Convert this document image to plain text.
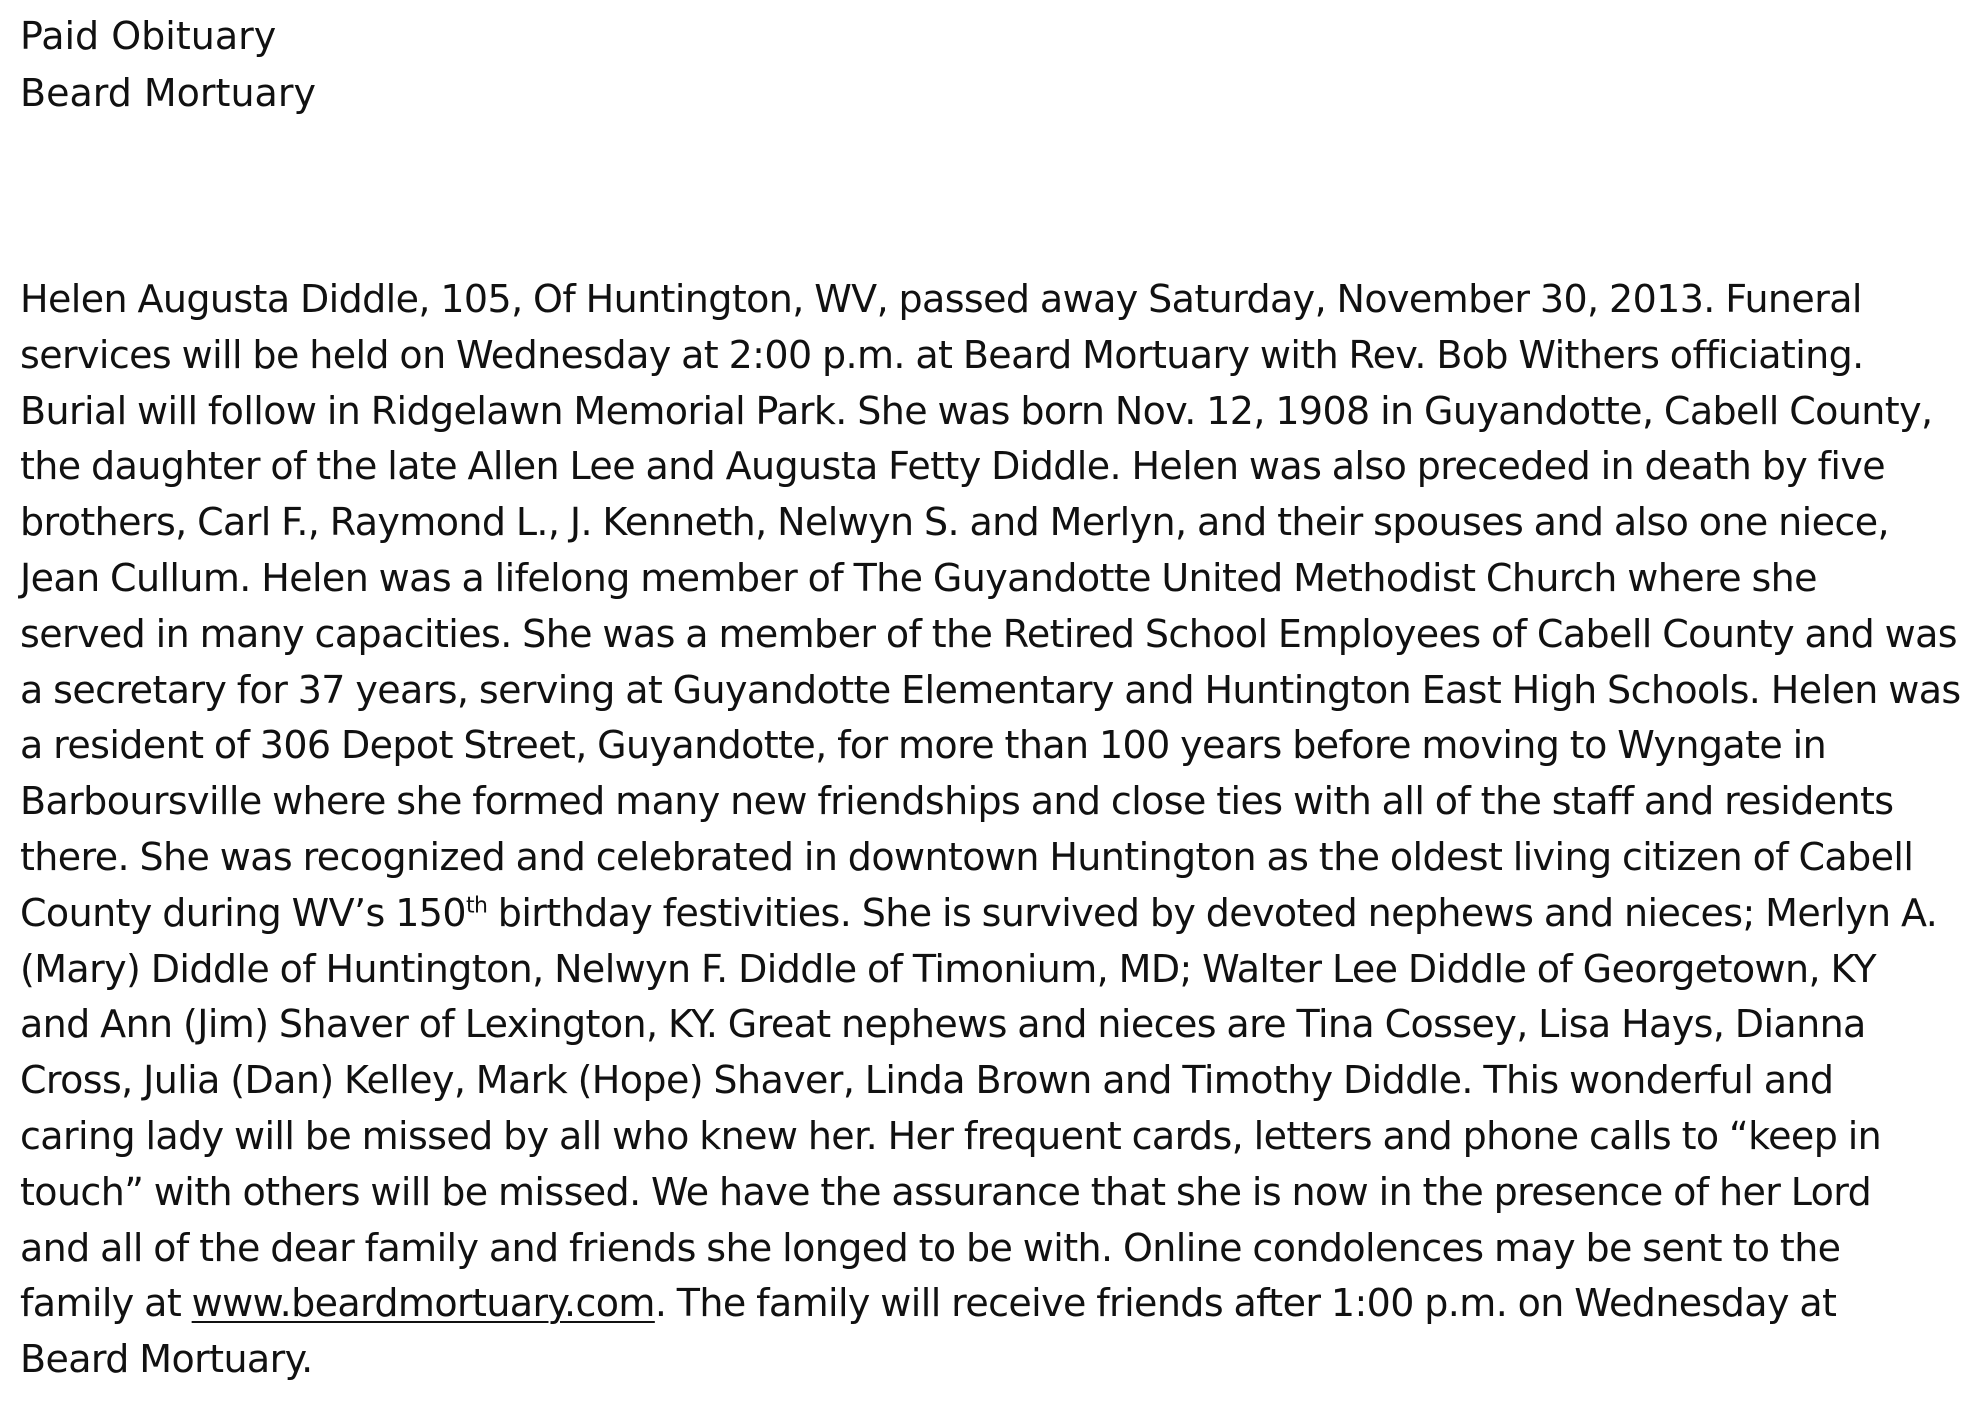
Paid Obituary
Beard Mortuary
Helen Augusta Diddle, 105, Of Huntington, WV, passed away Saturday, November 30, 2013. Funeral
services will be held on Wednesday at 2:00 p.m. at Beard Mortuary with Rev. Bob Withers officiating.
Burial will follow in Ridgelawn Memorial Park. She was born Nov. 12, 1908 in Guyandotte, Cabell County,
the daughter of the late Allen Lee and Augusta Fetty Diddle. Helen was also preceded in death by five
brothers, Carl F., Raymond L., J. Kenneth, Nelwyn S. and Merlyn, and their spouses and also one niece,
Jean Cullum. Helen was a lifelong member of The Guyandotte United Methodist Church where she
served in many capacities. She was a member of the Retired School Employees of Cabell County and was
a secretary for 37 years, serving at Guyandotte Elementary and Huntington East High Schools. Helen was
a resident of 306 Depot Street, Guyandotte, for more than 100 years before moving to Wyngate in
Barboursville where she formed many new friendships and close ties with all of the staff and residents
there. She was recognized and celebrated in downtown Huntington as the oldest living citizen of Cabell
County during WV’s 150th birthday festivities. She is survived by devoted nephews and nieces; Merlyn A.
(Mary) Diddle of Huntington, Nelwyn F. Diddle of Timonium, MD; Walter Lee Diddle of Georgetown, KY
and Ann (Jim) Shaver of Lexington, KY. Great nephews and nieces are Tina Cossey, Lisa Hays, Dianna
Cross, Julia (Dan) Kelley, Mark (Hope) Shaver, Linda Brown and Timothy Diddle. This wonderful and
caring lady will be missed by all who knew her. Her frequent cards, letters and phone calls to “keep in
touch” with others will be missed. We have the assurance that she is now in the presence of her Lord
and all of the dear family and friends she longed to be with. Online condolences may be sent to the
family at www.beardmortuary.com. The family will receive friends after 1:00 p.m. on Wednesday at
Beard Mortuary.
